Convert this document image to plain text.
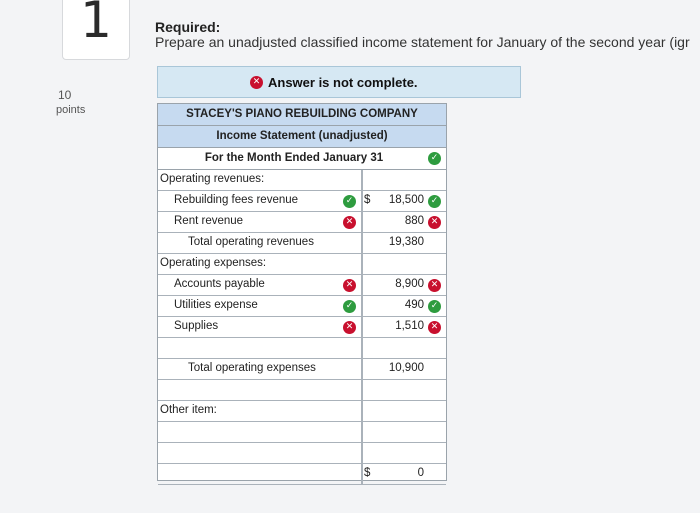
1
10
points
Required:
Prepare an unadjusted classified income statement for January of the second year (igr
✕ Answer is not complete.
STACEY'S PIANO REBUILDING COMPANY
Income Statement (unadjusted)
For the Month Ended January 31	✓
Operating revenues:
Rebuilding fees revenue	✓ $ 18,500 ✓
Rent revenue	✕	880 ✕
Total operating revenues	19,380
Operating expenses:
Accounts payable	✕	8,900 ✕
Utilities expense	✓	490 ✓
Supplies	✕	1,510 ✕
Total operating expenses	10,900
Other item:
$	0
